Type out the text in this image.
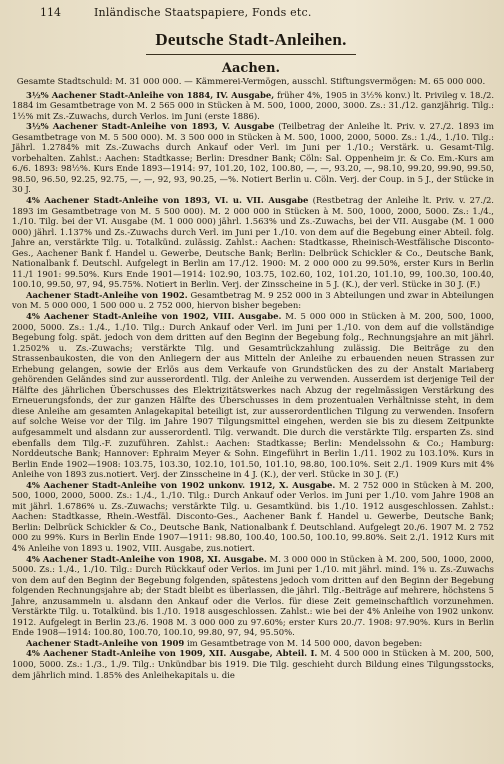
114	Inländische Staatspapiere, Fonds etc.
Deutsche Stadt-Anleihen.
Aachen.
Gesamte Stadtschuld: M. 31 000 000. — Kämmerei-Vermögen, ausschl. Stiftungsvermögen: M. 65 000 000.

3½% Aachener Stadt-Anleihe von 1884, IV. Ausgabe, früher 4%, 1905 in 3½% konv.) lt. Privileg v. 18./2. 1884 im Gesamtbetrage von M. 2 565 000 in Stücken à M. 500, 1000, 2000, 3000. Zs.: 31./12. ganzjährig. Tilg.: 1½% mit Zs.-Zuwachs, durch Verlos. im Juni (erste 1886).

3½% Aachener Stadt-Anleihe von 1893, V. Ausgabe (Teilbetrag der Anleihe lt. Priv. v. 27./2. 1893 im Gesamtbetrage von M. 5 500 000). M. 3 500 000 in Stücken à M. 500, 1000, 2000, 5000. Zs.: 1./4., 1./10. Tilg.: Jährl. 1.2784% mit Zs.-Zuwachs durch Ankauf oder Verl. im Juni per 1./10.; Verstärk. u. Gesamt-Tilg. vorbehalten. Zahlst.: Aachen: Stadtkasse; Berlin: Dresdner Bank; Cöln: Sal. Oppenheim jr. & Co. Em.-Kurs am 6./6. 1893: 98½%. Kurs Ende 1893—1914: 97, 101.20, 102, 100.80, —, —, 93.20, —, 98.10, 99.20, 99.90, 99.50, 98.50, 96.50, 92.25, 92.75, —, —, 92, 93, 90.25, —%. Notiert Berlin u. Cöln. Verj. der Coup. in 5 J., der Stücke in 30 J.

4% Aachener Stadt-Anleihe von 1893, VI. u. VII. Ausgabe (Restbetrag der Anleihe lt. Priv. v. 27./2. 1893 im Gesamtbetrage von M. 5 500 000). M. 2 000 000 in Stücken à M. 500, 1000, 2000, 5000. Zs.: 1./4., 1./10. Tilg. bei der VI. Ausgabe (M. 1 000 000) jährl. 1.563% und Zs.-Zuwachs, bei der VII. Ausgabe (M. 1 000 000) jährl. 1.137% und Zs.-Zuwachs durch Verl. im Juni per 1./10. von dem auf die Begebung einer Abteil. folg. Jahre an, verstärkte Tilg. u. Totalkünd. zulässig. Zahlst.: Aachen: Stadtkasse, Rheinisch-Westfälische Disconto-Ges., Aachener Bank f. Handel u. Gewerbe, Deutsche Bank; Berlin: Delbrück Schickler & Co., Deutsche Bank, Nationalbank f. Deutschl. Aufgelegt in Berlin am 17./12. 1900: M. 2 000 000 zu 99.50%, erster Kurs in Berlin 11./1 1901: 99.50%. Kurs Ende 1901—1914: 102.90, 103.75, 102.60, 102, 101.20, 101.10, 99, 100.30, 100.40, 100.10, 99.50, 97, 94, 95.75%. Notiert in Berlin. Verj. der Zinsscheine in 5 J. (K.), der verl. Stücke in 30 J. (F.)

Aachener Stadt-Anleihe von 1902. Gesamtbetrag M. 9 252 000 in 3 Abteilungen und zwar in Abteilungen von M. 5 000 000, 1 500 000 u. 2 752 000, hiervon bisher begeben:

4% Aachener Stadt-Anleihe von 1902, VIII. Ausgabe. M. 5 000 000 in Stücken à M. 200, 500, 1000, 2000, 5000. Zs.: 1./4., 1./10. Tilg.: Durch Ankauf oder Verl. im Juni per 1./10. von dem auf die vollständige Begebung folg. spät. jedoch von dem dritten auf den Beginn der Begebung folg., Rechnungsjahre an mit jährl. 1.2502% u. Zs.-Zuwachs; verstärkte Tilg. und Gesamtrückzahlung zulässig. Die Beiträge zu den Strassenbaukosten, die von den Anliegern der aus Mitteln der Anleihe zu erbauenden neuen Strassen zur Erhebung gelangen, sowie der Erlös aus dem Verkaufe von Grundstücken des zu der Anstalt Mariaberg gehörenden Geländes sind zur ausserordentl. Tilg. der Anleihe zu verwenden. Ausserdem ist derjenige Teil der Hälfte des jährlichen Überschusses des Elektrizitätswerkes nach Abzug der regelmässigen Verstärkung des Erneuerungsfonds, der zur ganzen Hälfte des Überschusses in dem prozentualen Verhältnisse steht, in dem diese Anleihe am gesamten Anlagekapital beteiligt ist, zur ausserordentlichen Tilgung zu verwenden. Insofern auf solche Weise vor der Tilg. im Jahre 1907 Tilgungsmittel eingehen, werden sie bis zu diesem Zeitpunkte aufgesammelt und alsdann zur ausserordentl. Tilg. verwandt. Die durch die verstärkte Tilg. ersparten Zs. sind ebenfalls dem Tilg.-F. zuzuführen. Zahlst.: Aachen: Stadtkasse; Berlin: Mendelssohn & Co.; Hamburg: Norddeutsche Bank; Hannover: Ephraim Meyer & Sohn. Eingeführt in Berlin 1./11. 1902 zu 103.10%. Kurs in Berlin Ende 1902—1908: 103.75, 103.30, 102.10, 101.50, 101.10, 98.80, 100.10%. Seit 2./1. 1909 Kurs mit 4% Anleihe von 1893 zus.notiert. Verj. der Zinsscheine in 4 J. (K.), der verl. Stücke in 30 J. (F.)

4% Aachener Stadt-Anleihe von 1902 unkonv. 1912, X. Ausgabe. M. 2 752 000 in Stücken à M. 200, 500, 1000, 2000, 5000. Zs.: 1./4., 1./10. Tilg.: Durch Ankauf oder Verlos. im Juni per 1./10. vom Jahre 1908 an mit jährl. 1.6786% u. Zs.-Zuwachs; verstärkte Tilg. u. Gesamtkünd. bis 1./10. 1912 ausgeschlossen. Zahlst.: Aachen: Stadtkasse, Rhein.-Westfäl. Disconto-Ges., Aachener Bank f. Handel u. Gewerbe, Deutsche Bank; Berlin: Delbrück Schickler & Co., Deutsche Bank, Nationalbank f. Deutschland. Aufgelegt 20./6. 1907 M. 2 752 000 zu 99%. Kurs in Berlin Ende 1907—1911: 98.80, 100.40, 100.50, 100.10, 99.80%. Seit 2./1. 1912 Kurs mit 4% Anleihe von 1893 u. 1902, VIII. Ausgabe, zus.notiert.

4% Aachener Stadt-Anleihe von 1908, XI. Ausgabe. M. 3 000 000 in Stücken à M. 200, 500, 1000, 2000, 5000. Zs.: 1./4., 1./10. Tilg.: Durch Rückkauf oder Verlos. im Juni per 1./10. mit jährl. mind. 1% u. Zs.-Zuwachs von dem auf den Beginn der Begebung folgenden, spätestens jedoch vom dritten auf den Beginn der Begebung folgenden Rechnungsjahre ab; der Stadt bleibt es überlassen, die jährl. Tilg.-Beiträge auf mehrere, höchstens 5 Jahre, anzusammeln u. alsdann den Ankauf oder die Verlos. für diese Zeit gemeinschaftlich vorzunehmen. Verstärkte Tilg. u. Totalkünd. bis 1./10. 1918 ausgeschlossen. Zahlst.: wie bei der 4% Anleihe von 1902 unkonv. 1912. Aufgelegt in Berlin 23./6. 1908 M. 3 000 000 zu 97.60%; erster Kurs 20./7. 1908: 97.90%. Kurs in Berlin Ende 1908—1914: 100.80, 100.70, 100.10, 99.80, 97, 94, 95.50%.

Aachener Stadt-Anleihe von 1909 im Gesamtbetrage von M. 14 500 000, davon begeben:

4% Aachener Stadt-Anleihe von 1909, XII. Ausgabe, Abteil. I. M. 4 500 000 in Stücken à M. 200, 500, 1000, 5000. Zs.: 1./3., 1./9. Tilg.: Unkündbar bis 1919. Die Tilg. geschieht durch Bildung eines Tilgungsstocks, dem jährlich mind. 1.85% des Anleihekapitals u. die
